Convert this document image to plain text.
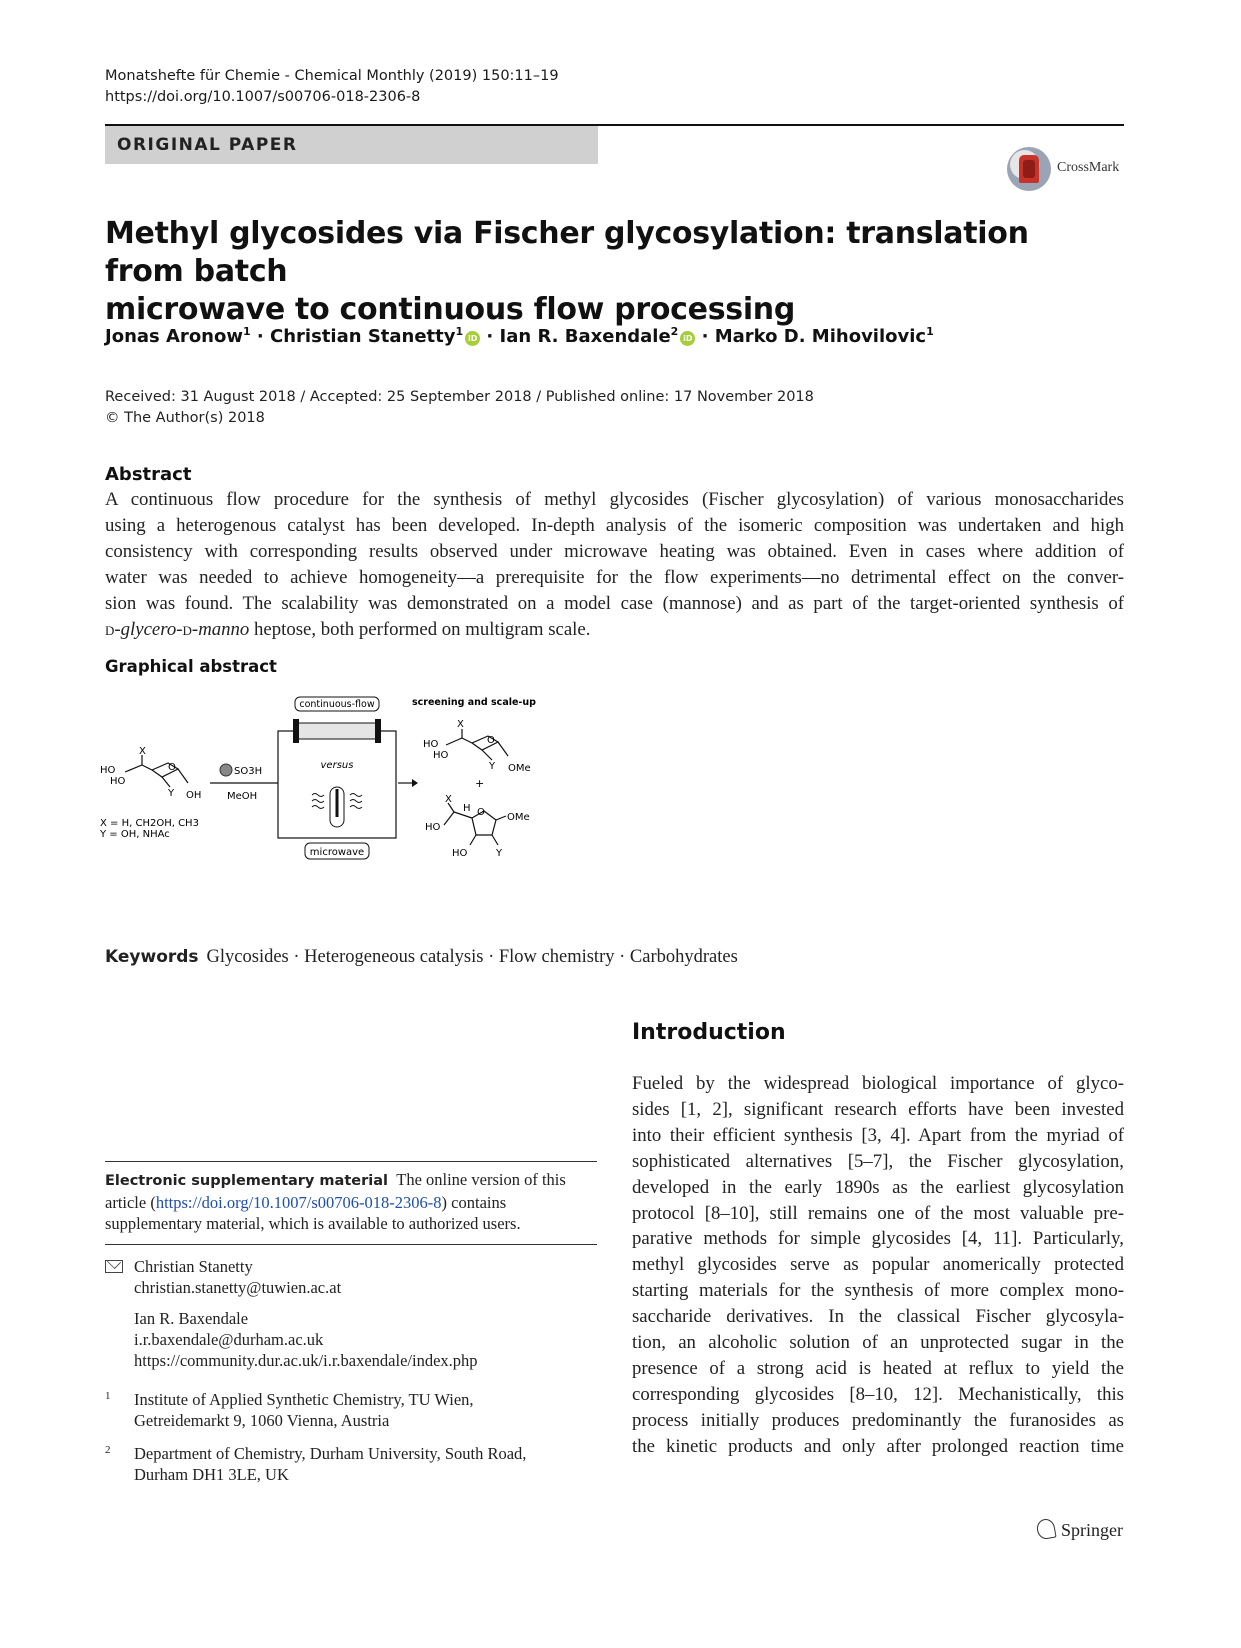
Monatshefte für Chemie - Chemical Monthly (2019) 150:11–19
https://doi.org/10.1007/s00706-018-2306-8
ORIGINAL PAPER
CrossMark
Methyl glycosides via Fischer glycosylation: translation from batch
microwave to continuous flow processing
Jonas Aronow$^1$ · Christian Stanetty$^1$iD · Ian R. Baxendale$^2$iD · Marko D. Mihovilovic$^1$
Received: 31 August 2018 / Accepted: 25 September 2018 / Published online: 17 November 2018
© The Author(s) 2018
Abstract
A continuous flow procedure for the synthesis of methyl glycosides (Fischer glycosylation) of various monosaccharides
using a heterogenous catalyst has been developed. In-depth analysis of the isomeric composition was undertaken and high
consistency with corresponding results observed under microwave heating was obtained. Even in cases where addition of
water was needed to achieve homogeneity—a prerequisite for the flow experiments—no detrimental effect on the conver-
sion was found. The scalability was demonstrated on a model case (mannose) and as part of the target-oriented synthesis of
d-glycero-d-manno heptose, both performed on multigram scale.
Graphical abstract
X
HO
HO
O
Y OH
X = H, CH2OH, CH3
Y = OH, NHAc
SO3H
MeOH
continuous-flow
versus
microwave
screening and scale-up
X
HO
HO
O
Y OMe
+
X
H
HO
O OMe
HO	Y
Keywords Glycosides · Heterogeneous catalysis · Flow chemistry · Carbohydrates
Introduction
Fueled by the widespread biological importance of glyco-
sides [1, 2], significant research efforts have been invested
into their efficient synthesis [3, 4]. Apart from the myriad of
sophisticated alternatives [5–7], the Fischer glycosylation,
developed in the early 1890s as the earliest glycosylation
protocol [8–10], still remains one of the most valuable pre-
parative methods for simple glycosides [4, 11]. Particularly,
methyl glycosides serve as popular anomerically protected
starting materials for the synthesis of more complex mono-
saccharide derivatives. In the classical Fischer glycosyla-
tion, an alcoholic solution of an unprotected sugar in the
presence of a strong acid is heated at reflux to yield the
corresponding glycosides [8–10, 12]. Mechanistically, this
process initially produces predominantly the furanosides as
the kinetic products and only after prolonged reaction time
Electronic supplementary material The online version of this
article (https://doi.org/10.1007/s00706-018-2306-8) contains
supplementary material, which is available to authorized users.
Christian Stanetty
christian.stanetty@tuwien.ac.at
Ian R. Baxendale
i.r.baxendale@durham.ac.uk
https://community.dur.ac.uk/i.r.baxendale/index.php
1 Institute of Applied Synthetic Chemistry, TU Wien,
Getreidemarkt 9, 1060 Vienna, Austria
2 Department of Chemistry, Durham University, South Road,
Durham DH1 3LE, UK
Springer
